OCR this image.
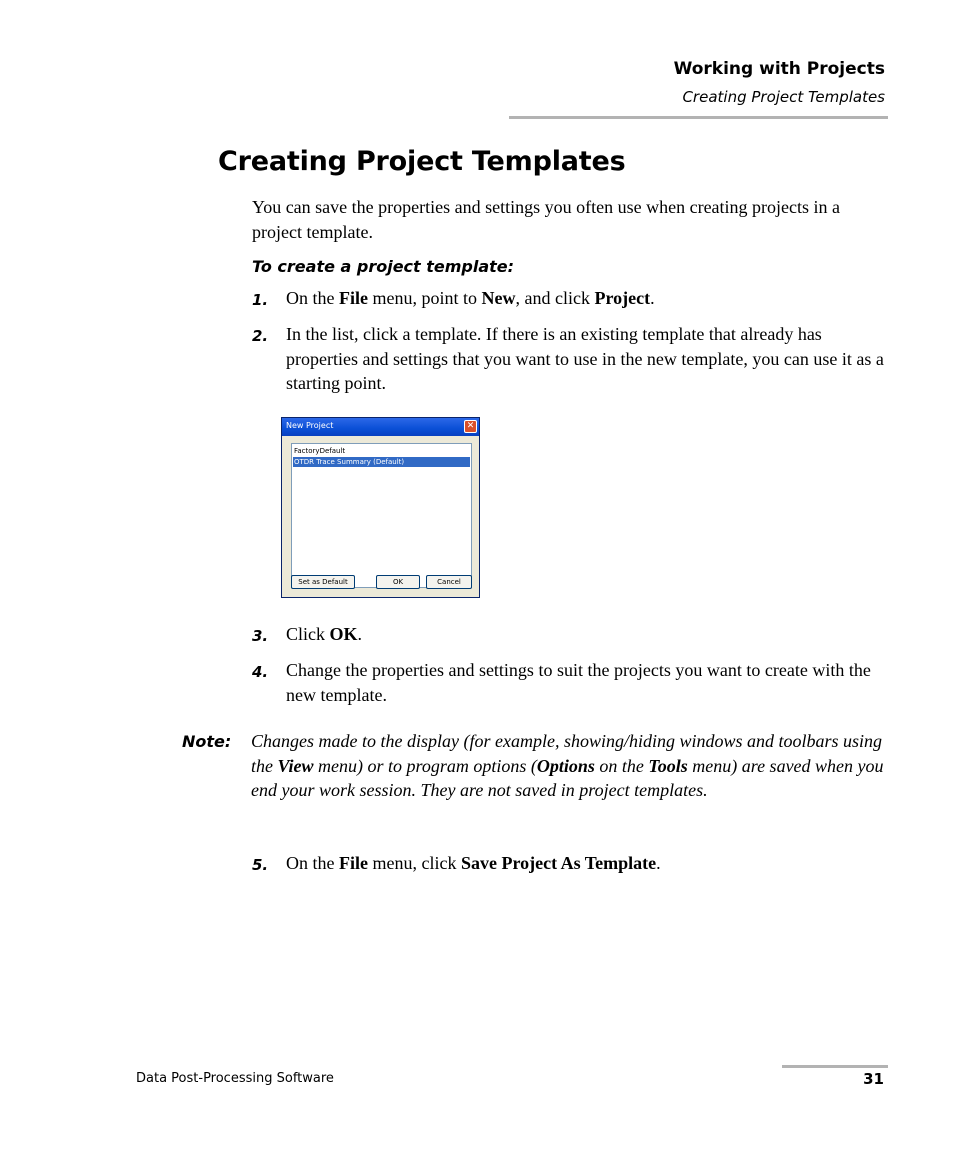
Working with Projects
Creating Project Templates
Creating Project Templates
You can save the properties and settings you often use when creating projects in a project template.
To create a project template:
1. On the File menu, point to New, and click Project.
2. In the list, click a template. If there is an existing template that already has properties and settings that you want to use in the new template, you can use it as a starting point.
New Project	✕
FactoryDefault
OTDR Trace Summary (Default)
Set as Default	OK	Cancel
3. Click OK.
4. Change the properties and settings to suit the projects you want to create with the new template.
Note: Changes made to the display (for example, showing/hiding windows and toolbars using the View menu) or to program options (Options on the Tools menu) are saved when you end your work session. They are not saved in project templates.
5. On the File menu, click Save Project As Template.
Data Post-Processing Software	31
